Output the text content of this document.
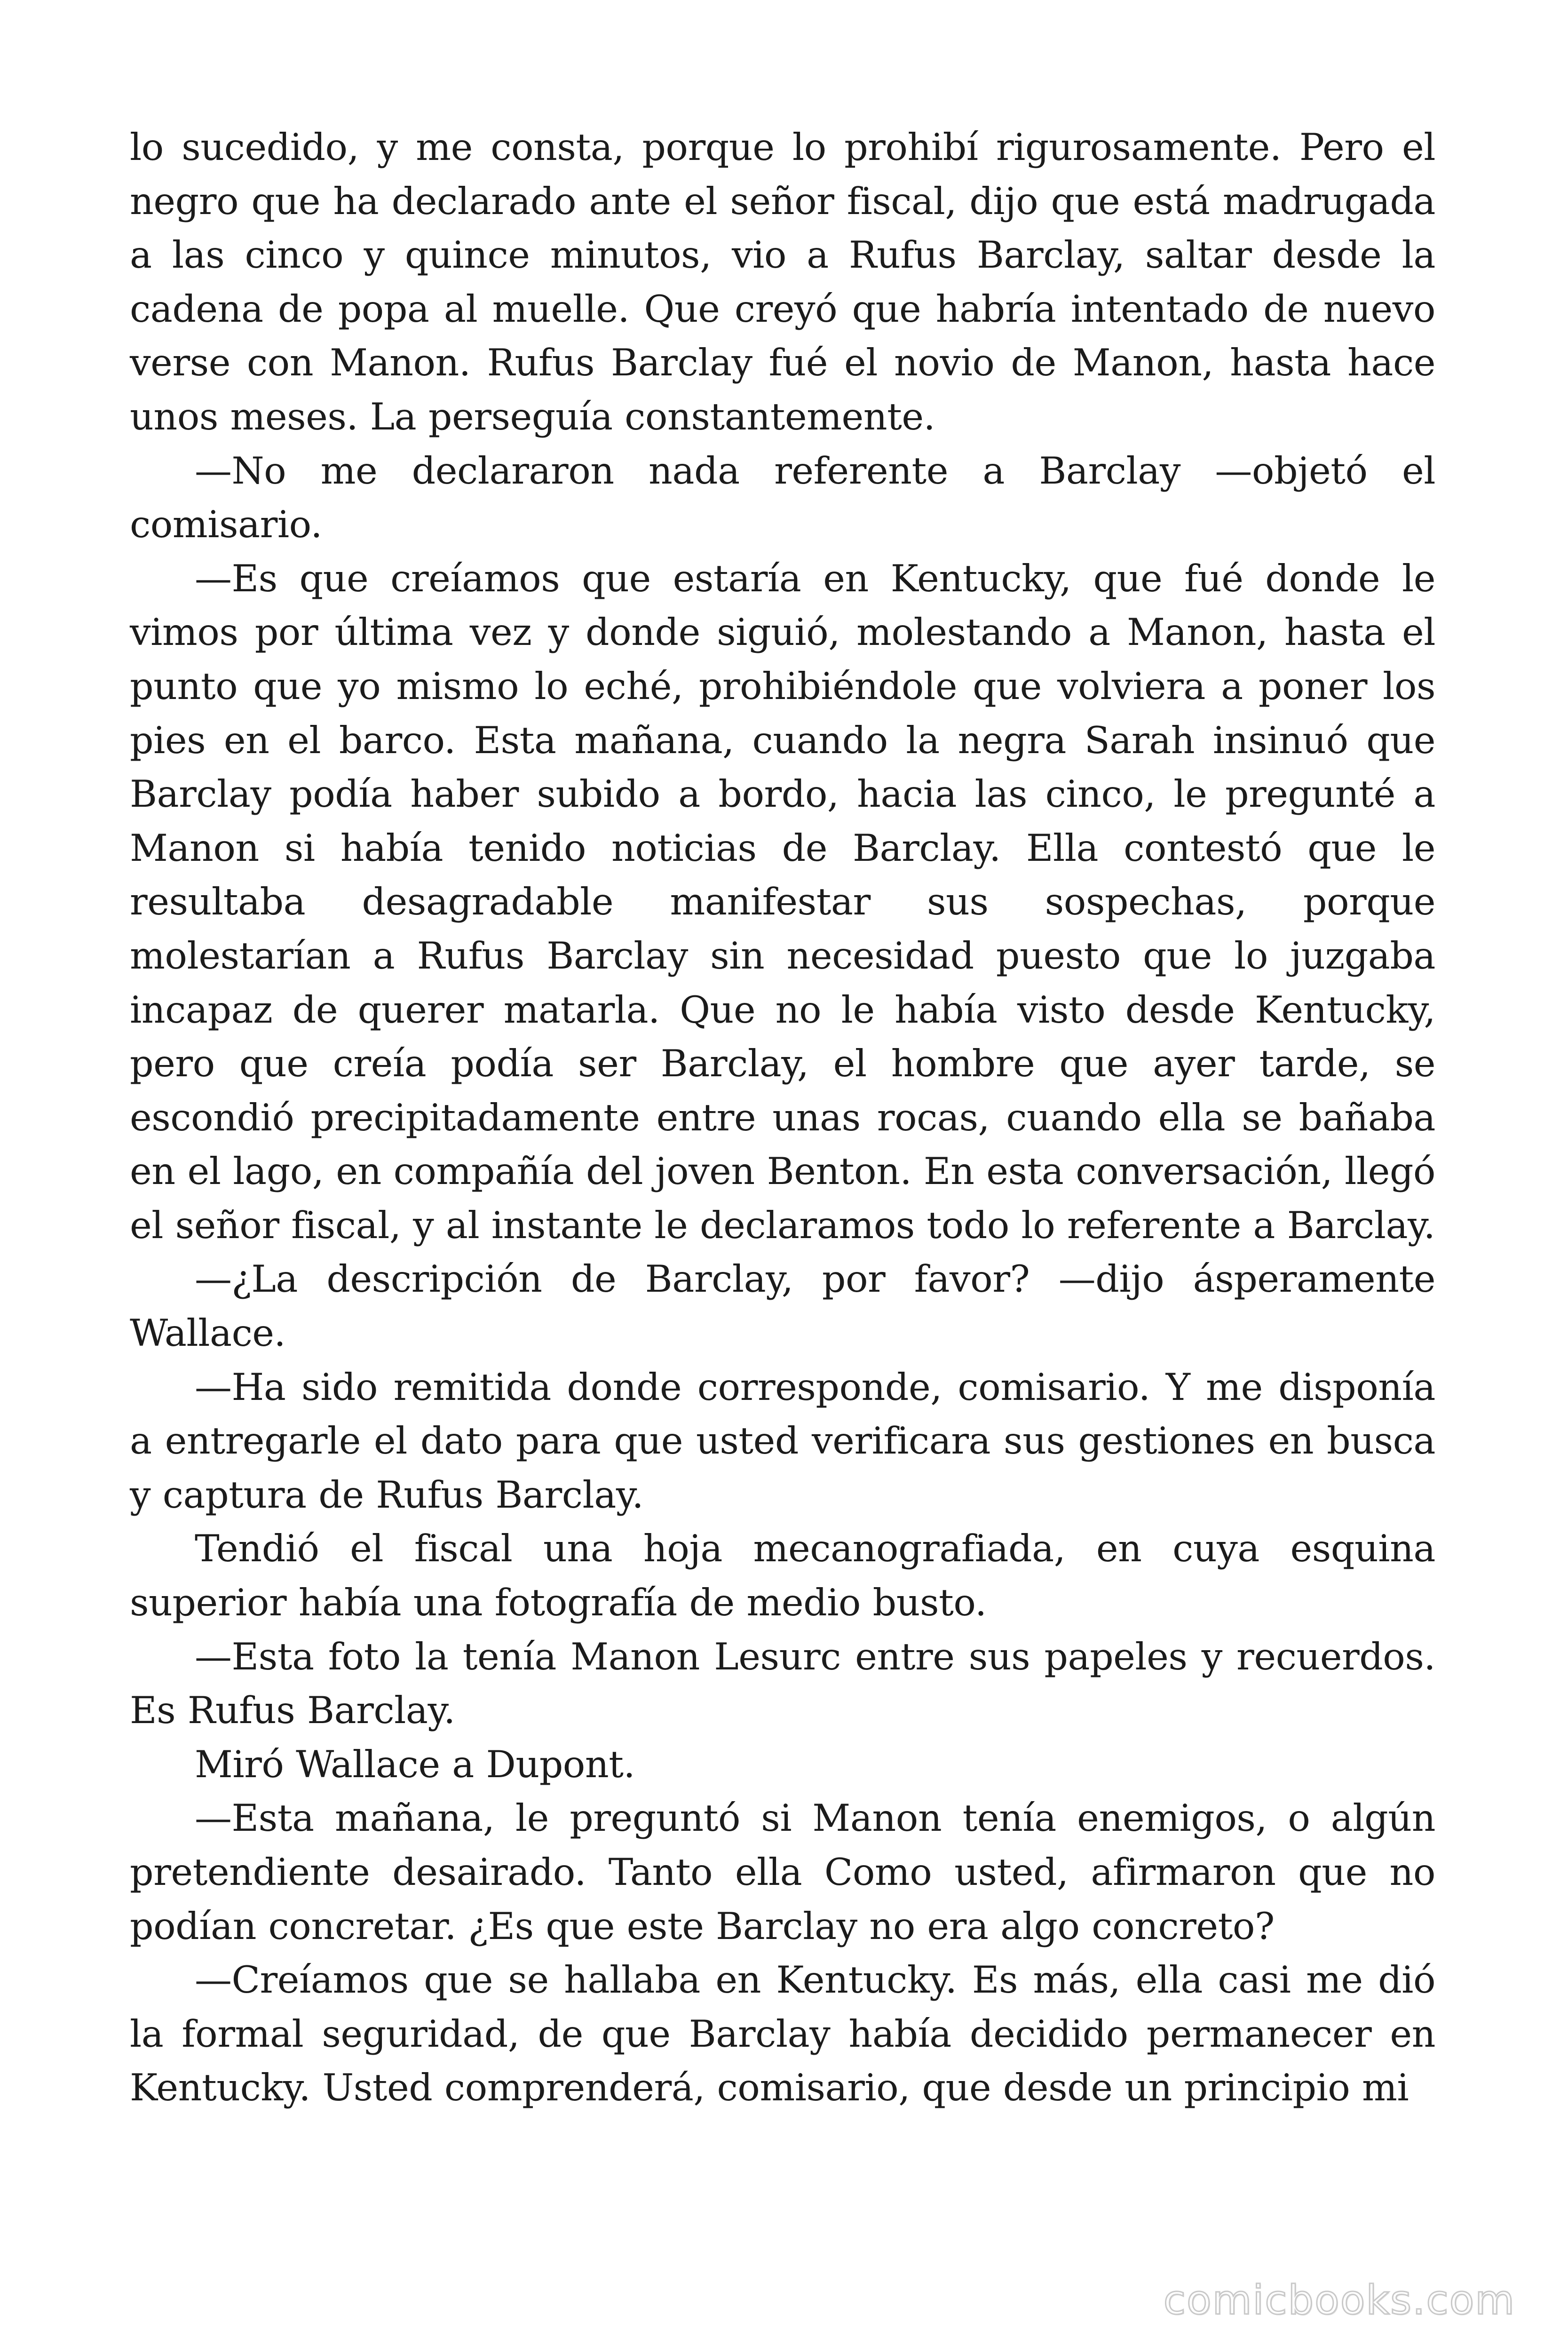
lo sucedido, y me consta, porque lo prohibí rigurosamente. Pero el negro que ha declarado ante el señor fiscal, dijo que está madrugada a las cinco y quince minutos, vio a Rufus Barclay, saltar desde la cadena de popa al muelle. Que creyó que habría intentado de nuevo verse con Manon. Rufus Barclay fué el novio de Manon, hasta hace unos meses. La perseguía constantemente.

—No me declararon nada referente a Barclay —objetó el comisario.

—Es que creíamos que estaría en Kentucky, que fué donde le vimos por última vez y donde siguió, molestando a Manon, hasta el punto que yo mismo lo eché, prohibiéndole que volviera a poner los pies en el barco. Esta mañana, cuando la negra Sarah insinuó que Barclay podía haber subido a bordo, hacia las cinco, le pregunté a Manon si había tenido noticias de Barclay. Ella contestó que le resultaba desagradable manifestar sus sospechas, porque molestarían a Rufus Barclay sin necesidad puesto que lo juzgaba incapaz de querer matarla. Que no le había visto desde Kentucky, pero que creía podía ser Barclay, el hombre que ayer tarde, se escondió precipitadamente entre unas rocas, cuando ella se bañaba en el lago, en compañía del joven Benton. En esta conversación, llegó el señor fiscal, y al instante le declaramos todo lo referente a Barclay.

—¿La descripción de Barclay, por favor? —dijo ásperamente Wallace.

—Ha sido remitida donde corresponde, comisario. Y me disponía a entregarle el dato para que usted verificara sus gestiones en busca y captura de Rufus Barclay.

Tendió el fiscal una hoja mecanografiada, en cuya esquina superior había una fotografía de medio busto.

—Esta foto la tenía Manon Lesurc entre sus papeles y recuerdos. Es Rufus Barclay.

Miró Wallace a Dupont.

—Esta mañana, le preguntó si Manon tenía enemigos, o algún pretendiente desairado. Tanto ella Como usted, afirmaron que no podían concretar. ¿Es que este Barclay no era algo concreto?

—Creíamos que se hallaba en Kentucky. Es más, ella casi me dió la formal seguridad, de que Barclay había decidido permanecer en Kentucky. Usted comprenderá, comisario, que desde un principio mi

comicbooks.com
